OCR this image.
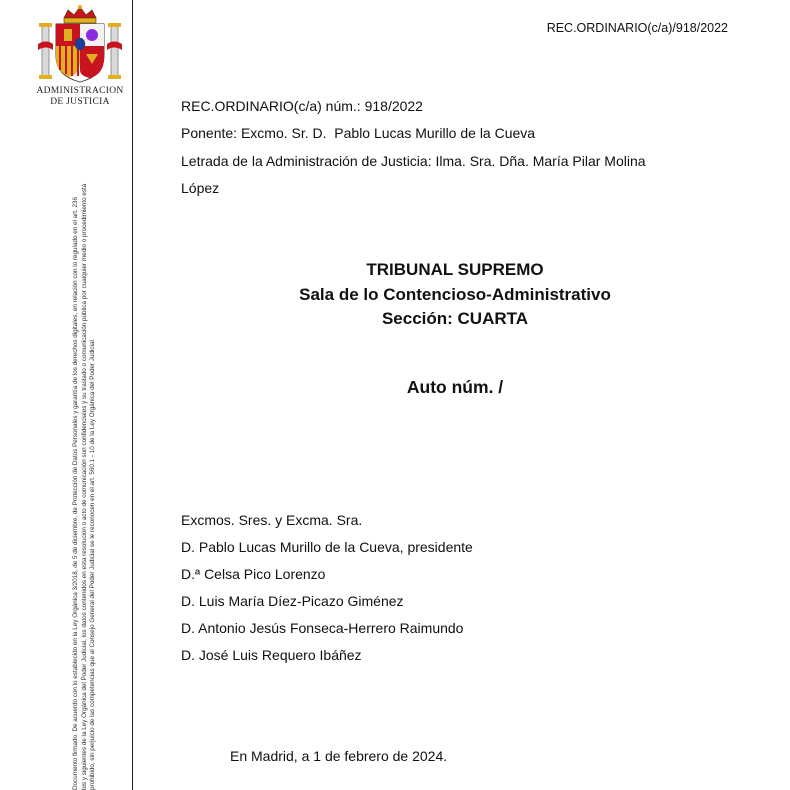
ADMINISTRACION
DE JUSTICIA
Documento firmado. De acuerdo con lo establecido en la Ley Orgánica 3/2018, de 5 de diciembre, de Protección de Datos Personales y garantía de los derechos digitales, en relación con lo regulado en el art. 236 bis y siguientes de la Ley Orgánica del Poder Judicial, los datos contenidos en esta resolución o acto de comunicación son confidenciales y su traslado o comunicación pública por cualquier medio o procedimiento está prohibido, sin perjuicio de las competencias que al Consejo General del Poder Judicial se le reconocen en el art. 560.1 - 10 de la Ley Orgánica del Poder Judicial.
REC.ORDINARIO(c/a)/918/2022
REC.ORDINARIO(c/a) núm.: 918/2022
Ponente: Excmo. Sr. D.  Pablo Lucas Murillo de la Cueva
Letrada de la Administración de Justicia: Ilma. Sra. Dña. María Pilar Molina
López
TRIBUNAL SUPREMO
Sala de lo Contencioso-Administrativo
Sección: CUARTA
Auto núm. /
Excmos. Sres. y Excma. Sra.
D. Pablo Lucas Murillo de la Cueva, presidente
D.ª Celsa Pico Lorenzo
D. Luis María Díez-Picazo Giménez
D. Antonio Jesús Fonseca-Herrero Raimundo
D. José Luis Requero Ibáñez
En Madrid, a 1 de febrero de 2024.
